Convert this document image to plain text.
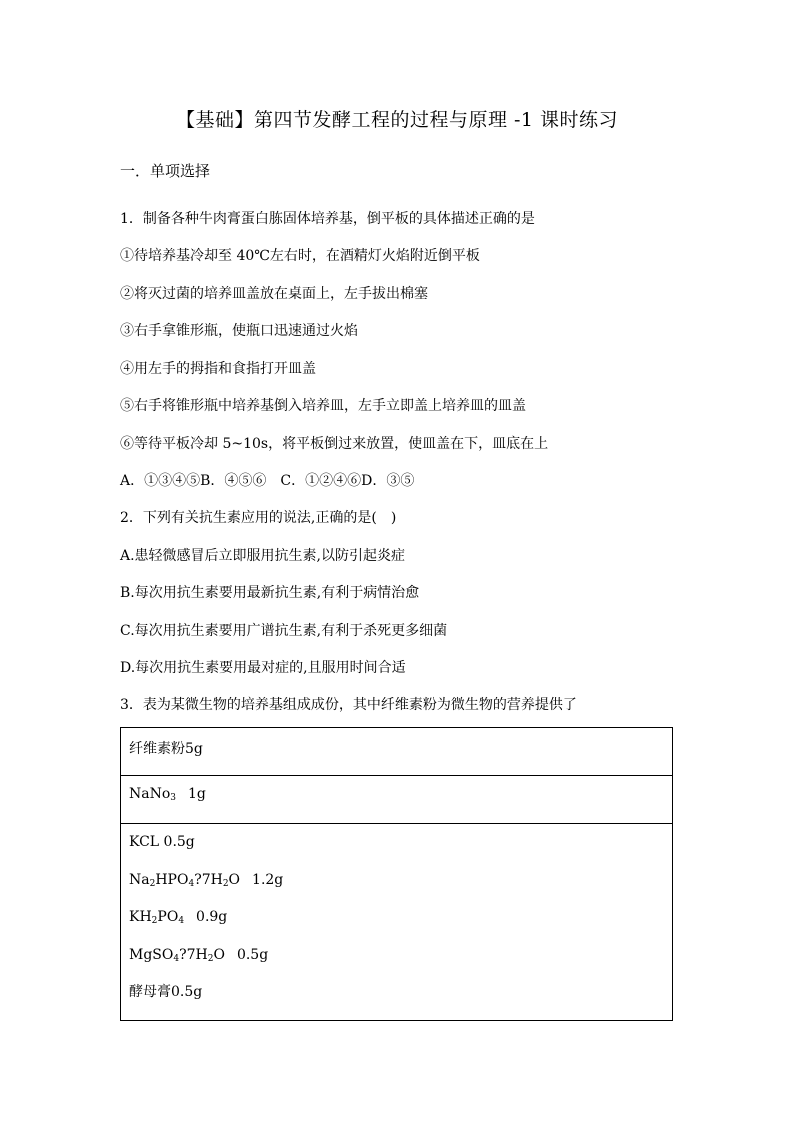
【基础】第四节发酵工程的过程与原理 -1 课时练习
一．单项选择
1．制备各种牛肉膏蛋白胨固体培养基，倒平板的具体描述正确的是
①待培养基冷却至 40℃左右时，在酒精灯火焰附近倒平板
②将灭过菌的培养皿盖放在桌面上，左手拔出棉塞
③右手拿锥形瓶，使瓶口迅速通过火焰
④用左手的拇指和食指打开皿盖
⑤右手将锥形瓶中培养基倒入培养皿，左手立即盖上培养皿的皿盖
⑥等待平板冷却 5~10s，将平板倒过来放置，使皿盖在下，皿底在上
A．①③④⑤B．④⑤⑥　C．①②④⑥D．③⑤
2．下列有关抗生素应用的说法,正确的是(　)
A.患轻微感冒后立即服用抗生素,以防引起炎症
B.每次用抗生素要用最新抗生素,有利于病情治愈
C.每次用抗生素要用广谱抗生素,有利于杀死更多细菌
D.每次用抗生素要用最对症的,且服用时间合适
3．表为某微生物的培养基组成成份，其中纤维素粉为微生物的营养提供了
纤维素粉5g
NaNo$_3$ 1g

KCL 0.5g
$Na_2HPO_4?7H_2O$ 1.2g
$KH_2PO_4$ 0.9g
$MgSO_4?7H_2O$ 0.5g
酵母膏0.5g
